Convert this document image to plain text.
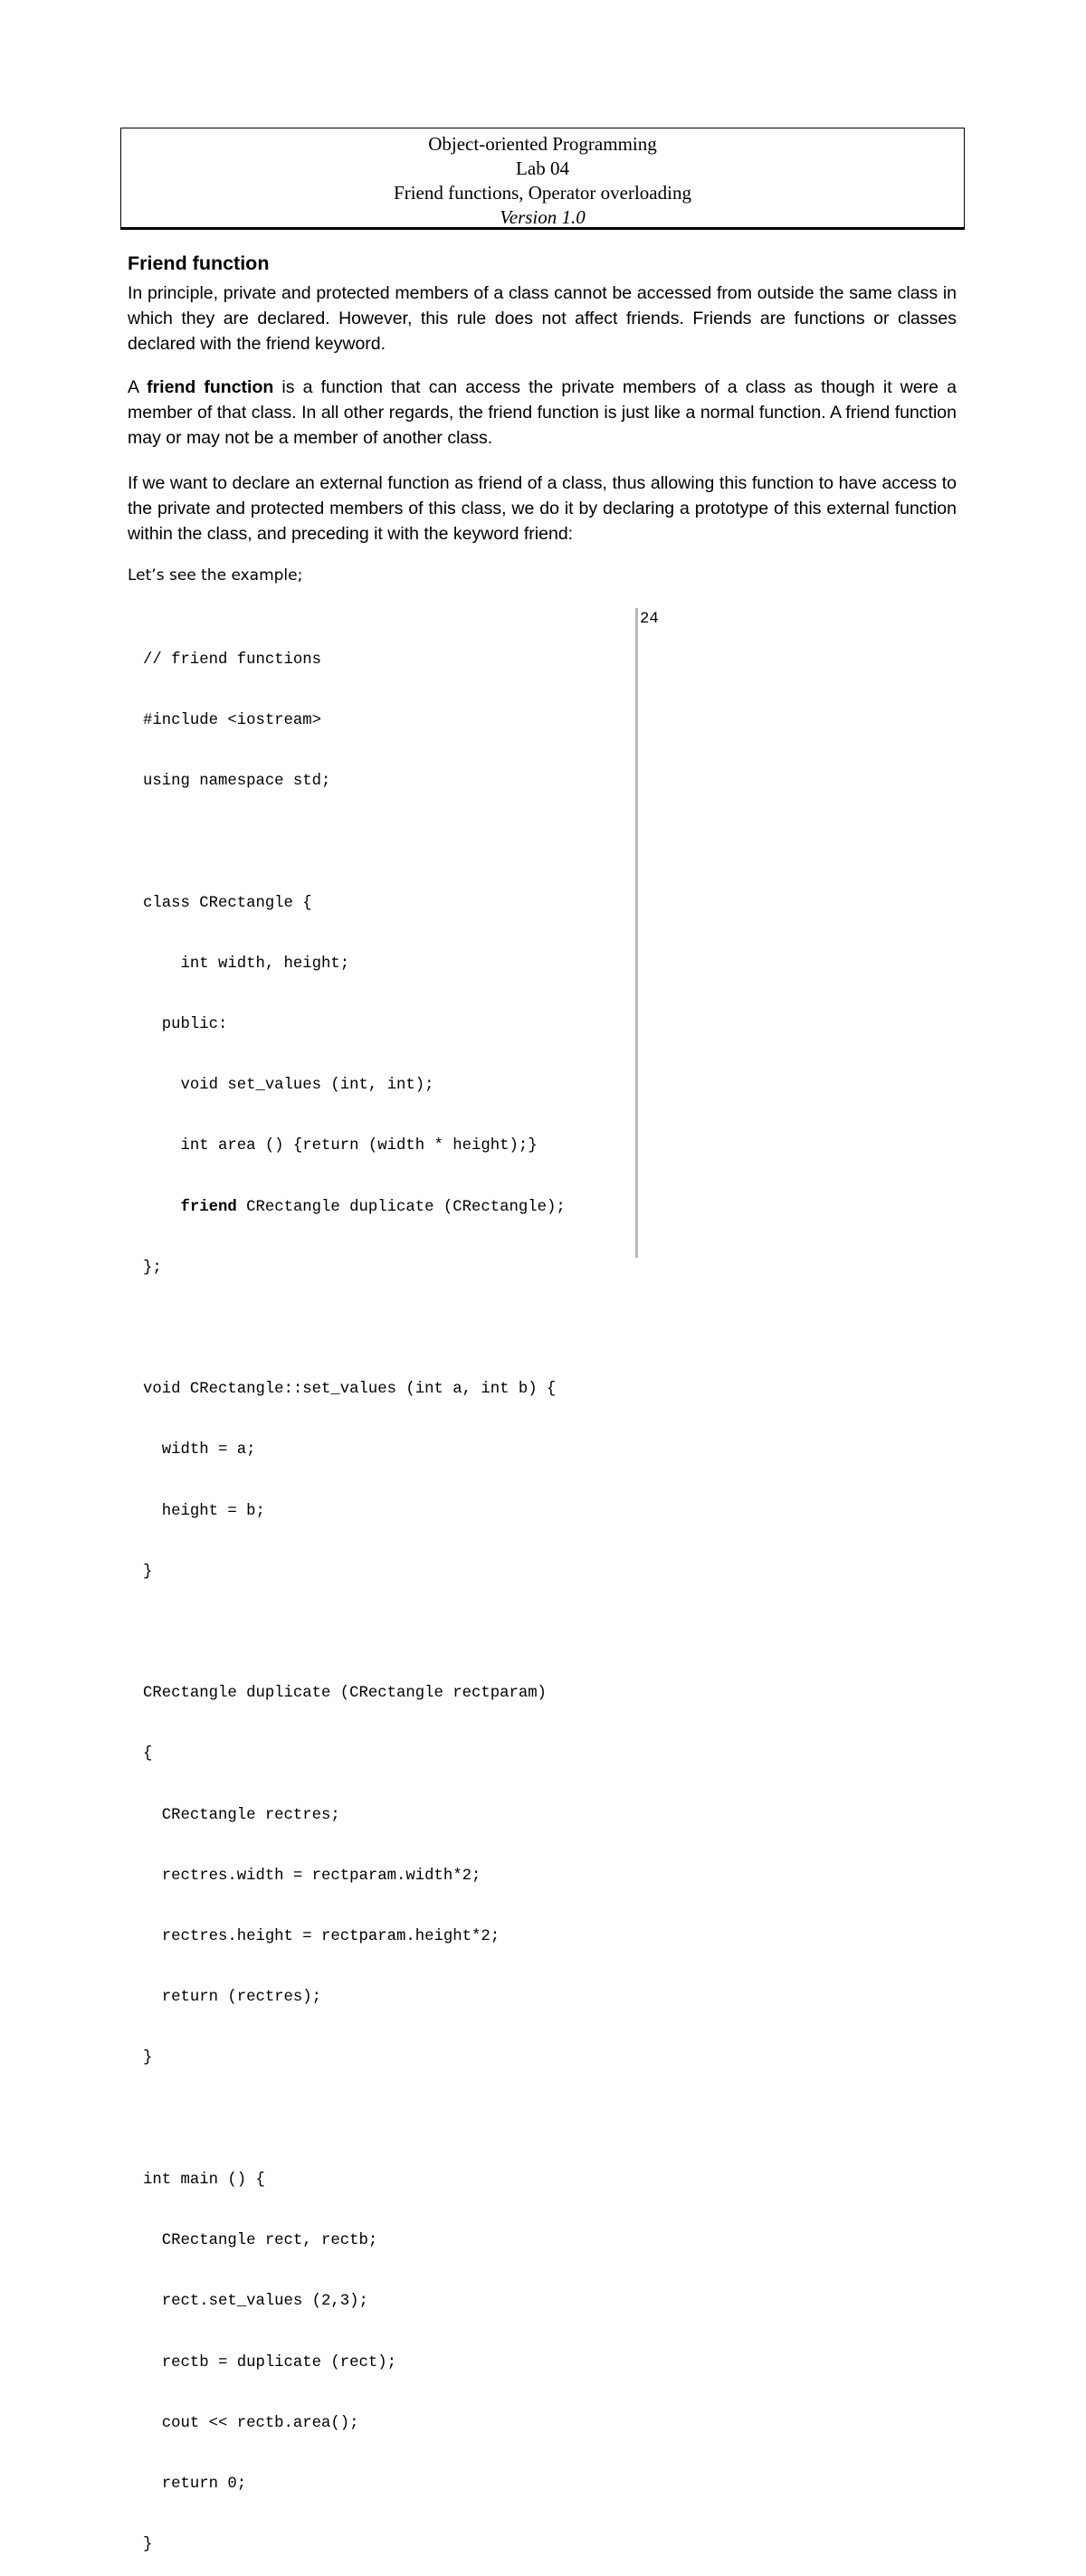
Object-oriented Programming
Lab 04
Friend functions, Operator overloading
Version 1.0
Friend function
In principle, private and protected members of a class cannot be accessed from outside the same class in which they are declared. However, this rule does not affect friends. Friends are functions or classes declared with the friend keyword.
A friend function is a function that can access the private members of a class as though it were a member of that class. In all other regards, the friend function is just like a normal function. A friend function may or may not be a member of another class.
If we want to declare an external function as friend of a class, thus allowing this function to have access to the private and protected members of this class, we do it by declaring a prototype of this external function within the class, and preceding it with the keyword friend:
Let’s see the example;

// friend functions

#include <iostream>

using namespace std;

class CRectangle {

int width, height;

public:

void set_values (int, int);

int area () {return (width * height);}

friend CRectangle duplicate (CRectangle);

};

void CRectangle::set_values (int a, int b) {

width = a;

height = b;

}

CRectangle duplicate (CRectangle rectparam)

{

CRectangle rectres;

rectres.width = rectparam.width*2;

rectres.height = rectparam.height*2;

return (rectres);

}

int main () {

CRectangle rect, rectb;

rect.set_values (2,3);

rectb = duplicate (rect);

cout << rectb.area();

return 0;

}

24
